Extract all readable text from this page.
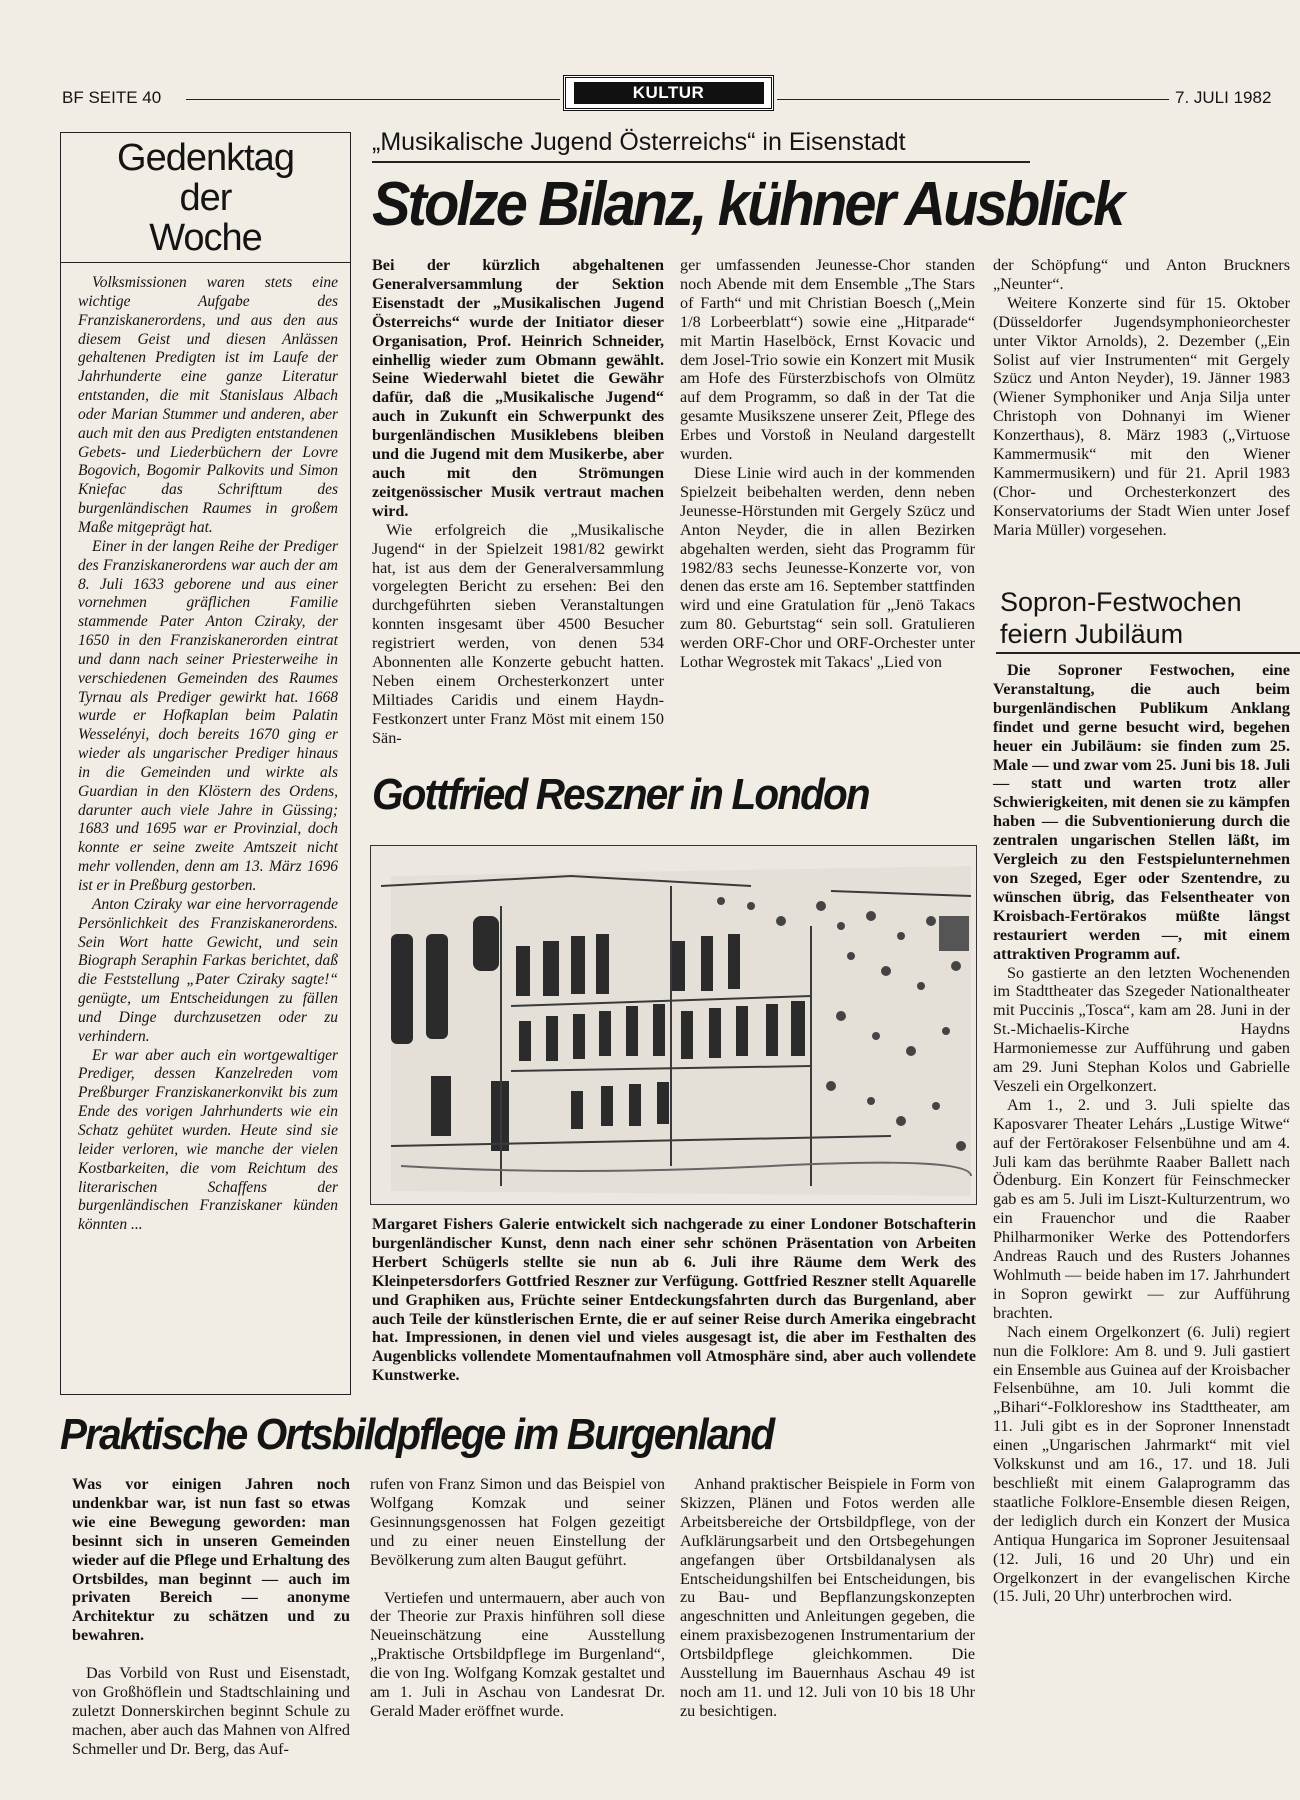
BF SEITE 40	KULTUR	7. JULI 1982
Gedenktag
der
Woche

Volksmissionen waren stets eine wichtige Aufgabe des Franziskanerordens, und aus den aus diesem Geist und diesen Anlässen gehaltenen Predigten ist im Laufe der Jahrhunderte eine ganze Literatur entstanden, die mit Stanislaus Albach oder Marian Stummer und anderen, aber auch mit den aus Predigten entstandenen Gebets- und Liederbüchern der Lovre Bogovich, Bogomir Palkovits und Simon Kniefac das Schrifttum des burgenländischen Raumes in großem Maße mitgeprägt hat.

Einer in der langen Reihe der Prediger des Franziskanerordens war auch der am 8. Juli 1633 geborene und aus einer vornehmen gräflichen Familie stammende Pater Anton Cziraky, der 1650 in den Franziskanerorden eintrat und dann nach seiner Priesterweihe in verschiedenen Gemeinden des Raumes Tyrnau als Prediger gewirkt hat. 1668 wurde er Hofkaplan beim Palatin Wesselényi, doch bereits 1670 ging er wieder als ungarischer Prediger hinaus in die Gemeinden und wirkte als Guardian in den Klöstern des Ordens, darunter auch viele Jahre in Güssing; 1683 und 1695 war er Provinzial, doch konnte er seine zweite Amtszeit nicht mehr vollenden, denn am 13. März 1696 ist er in Preßburg gestorben.

Anton Cziraky war eine hervorragende Persönlichkeit des Franziskanerordens. Sein Wort hatte Gewicht, und sein Biograph Seraphin Farkas berichtet, daß die Feststellung „Pater Cziraky sagte!“ genügte, um Entscheidungen zu fällen und Dinge durchzusetzen oder zu verhindern.

Er war aber auch ein wortgewaltiger Prediger, dessen Kanzelreden vom Preßburger Franziskanerkonvikt bis zum Ende des vorigen Jahrhunderts wie ein Schatz gehütet wurden. Heute sind sie leider verloren, wie manche der vielen Kostbarkeiten, die vom Reichtum des literarischen Schaffens der burgenländischen Franziskaner künden könnten ...

„Musikalische Jugend Österreichs“ in Eisenstadt
Stolze Bilanz, kühner Ausblick

Bei der kürzlich abgehaltenen Generalversammlung der Sektion Eisenstadt der „Musikalischen Jugend Österreichs“ wurde der Initiator dieser Organisation, Prof. Heinrich Schneider, einhellig wieder zum Obmann gewählt. Seine Wiederwahl bietet die Gewähr dafür, daß die „Musikalische Jugend“ auch in Zukunft ein Schwerpunkt des burgenländischen Musiklebens bleiben und die Jugend mit dem Musikerbe, aber auch mit den Strömungen zeitgenössischer Musik vertraut machen wird.

Wie erfolgreich die „Musikalische Jugend“ in der Spielzeit 1981/82 gewirkt hat, ist aus dem der Generalversammlung vorgelegten Bericht zu ersehen: Bei den durchgeführten sieben Veranstaltungen konnten insgesamt über 4500 Besucher registriert werden, von denen 534 Abonnenten alle Konzerte gebucht hatten. Neben einem Orchesterkonzert unter Miltiades Caridis und einem Haydn-Festkonzert unter Franz Möst mit einem 150 Sän-

ger umfassenden Jeunesse-Chor standen noch Abende mit dem Ensemble „The Stars of Farth“ und mit Christian Boesch („Mein 1/8 Lorbeerblatt“) sowie eine „Hitparade“ mit Martin Haselböck, Ernst Kovacic und dem Josel-Trio sowie ein Konzert mit Musik am Hofe des Fürsterzbischofs von Olmütz auf dem Programm, so daß in der Tat die gesamte Musikszene unserer Zeit, Pflege des Erbes und Vorstoß in Neuland dargestellt wurden.

Diese Linie wird auch in der kommenden Spielzeit beibehalten werden, denn neben Jeunesse-Hörstunden mit Gergely Szücz und Anton Neyder, die in allen Bezirken abgehalten werden, sieht das Programm für 1982/83 sechs Jeunesse-Konzerte vor, von denen das erste am 16. September stattfinden wird und eine Gratulation für „Jenö Takacs zum 80. Geburtstag“ sein soll. Gratulieren werden ORF-Chor und ORF-Orchester unter Lothar Wegrostek mit Takacs' „Lied von

der Schöpfung“ und Anton Bruckners „Neunter“.

Weitere Konzerte sind für 15. Oktober (Düsseldorfer Jugendsymphonieorchester unter Viktor Arnolds), 2. Dezember („Ein Solist auf vier Instrumenten“ mit Gergely Szücz und Anton Neyder), 19. Jänner 1983 (Wiener Symphoniker und Anja Silja unter Christoph von Dohnanyi im Wiener Konzerthaus), 8. März 1983 („Virtuose Kammermusik“ mit den Wiener Kammermusikern) und für 21. April 1983 (Chor- und Orchesterkonzert des Konservatoriums der Stadt Wien unter Josef Maria Müller) vorgesehen.

Sopron-Festwochen
feiern Jubiläum

Die Soproner Festwochen, eine Veranstaltung, die auch beim burgenländischen Publikum Anklang findet und gerne besucht wird, begehen heuer ein Jubiläum: sie finden zum 25. Male — und zwar vom 25. Juni bis 18. Juli — statt und warten trotz aller Schwierigkeiten, mit denen sie zu kämpfen haben — die Subventionierung durch die zentralen ungarischen Stellen läßt, im Vergleich zu den Festspielunternehmen von Szeged, Eger oder Szentendre, zu wünschen übrig, das Felsentheater von Kroisbach-Fertörakos müßte längst restauriert werden —, mit einem attraktiven Programm auf.

So gastierte an den letzten Wochenenden im Stadttheater das Szegeder Nationaltheater mit Puccinis „Tosca“, kam am 28. Juni in der St.-Michaelis-Kirche Haydns Harmoniemesse zur Aufführung und gaben am 29. Juni Stephan Kolos und Gabrielle Veszeli ein Orgelkonzert.

Am 1., 2. und 3. Juli spielte das Kaposvarer Theater Lehárs „Lustige Witwe“ auf der Fertörakoser Felsenbühne und am 4. Juli kam das berühmte Raaber Ballett nach Ödenburg. Ein Konzert für Feinschmecker gab es am 5. Juli im Liszt-Kulturzentrum, wo ein Frauenchor und die Raaber Philharmoniker Werke des Pottendorfers Andreas Rauch und des Rusters Johannes Wohlmuth — beide haben im 17. Jahrhundert in Sopron gewirkt — zur Aufführung brachten.

Nach einem Orgelkonzert (6. Juli) regiert nun die Folklore: Am 8. und 9. Juli gastiert ein Ensemble aus Guinea auf der Kroisbacher Felsenbühne, am 10. Juli kommt die „Bihari“-Folkloreshow ins Stadttheater, am 11. Juli gibt es in der Soproner Innenstadt einen „Ungarischen Jahrmarkt“ mit viel Volkskunst und am 16., 17. und 18. Juli beschließt mit einem Galaprogramm das staatliche Folklore-Ensemble diesen Reigen, der lediglich durch ein Konzert der Musica Antiqua Hungarica im Soproner Jesuitensaal (12. Juli, 16 und 20 Uhr) und ein Orgelkonzert in der evangelischen Kirche (15. Juli, 20 Uhr) unterbrochen wird.

Gottfried Reszner in London
Margaret Fishers Galerie entwickelt sich nachgerade zu einer Londoner Botschafterin burgenländischer Kunst, denn nach einer sehr schönen Präsentation von Arbeiten Herbert Schügerls stellte sie nun ab 6. Juli ihre Räume dem Werk des Kleinpetersdorfers Gottfried Reszner zur Verfügung. Gottfried Reszner stellt Aquarelle und Graphiken aus, Früchte seiner Entdeckungsfahrten durch das Burgenland, aber auch Teile der künstlerischen Ernte, die er auf seiner Reise durch Amerika eingebracht hat. Impressionen, in denen viel und vieles ausgesagt ist, die aber im Festhalten des Augenblicks vollendete Momentaufnahmen voll Atmosphäre sind, aber auch vollendete Kunstwerke.
Praktische Ortsbildpflege im Burgenland

Was vor einigen Jahren noch undenkbar war, ist nun fast so etwas wie eine Bewegung geworden: man besinnt sich in unseren Gemeinden wieder auf die Pflege und Erhaltung des Ortsbildes, man beginnt — auch im privaten Bereich — anonyme Architektur zu schätzen und zu bewahren.

Das Vorbild von Rust und Eisenstadt, von Großhöflein und Stadtschlaining und zuletzt Donnerskirchen beginnt Schule zu machen, aber auch das Mahnen von Alfred Schmeller und Dr. Berg, das Auf-

rufen von Franz Simon und das Beispiel von Wolfgang Komzak und seiner Gesinnungsgenossen hat Folgen gezeitigt und zu einer neuen Einstellung der Bevölkerung zum alten Baugut geführt.

Vertiefen und untermauern, aber auch von der Theorie zur Praxis hinführen soll diese Neueinschätzung eine Ausstellung „Praktische Ortsbildpflege im Burgenland“, die von Ing. Wolfgang Komzak gestaltet und am 1. Juli in Aschau von Landesrat Dr. Gerald Mader eröffnet wurde.

Anhand praktischer Beispiele in Form von Skizzen, Plänen und Fotos werden alle Arbeitsbereiche der Ortsbildpflege, von der Aufklärungsarbeit und den Ortsbegehungen angefangen über Ortsbildanalysen als Entscheidungshilfen bei Entscheidungen, bis zu Bau- und Bepflanzungskonzepten angeschnitten und Anleitungen gegeben, die einem praxisbezogenen Instrumentarium der Ortsbildpflege gleichkommen. Die Ausstellung im Bauernhaus Aschau 49 ist noch am 11. und 12. Juli von 10 bis 18 Uhr zu besichtigen.
